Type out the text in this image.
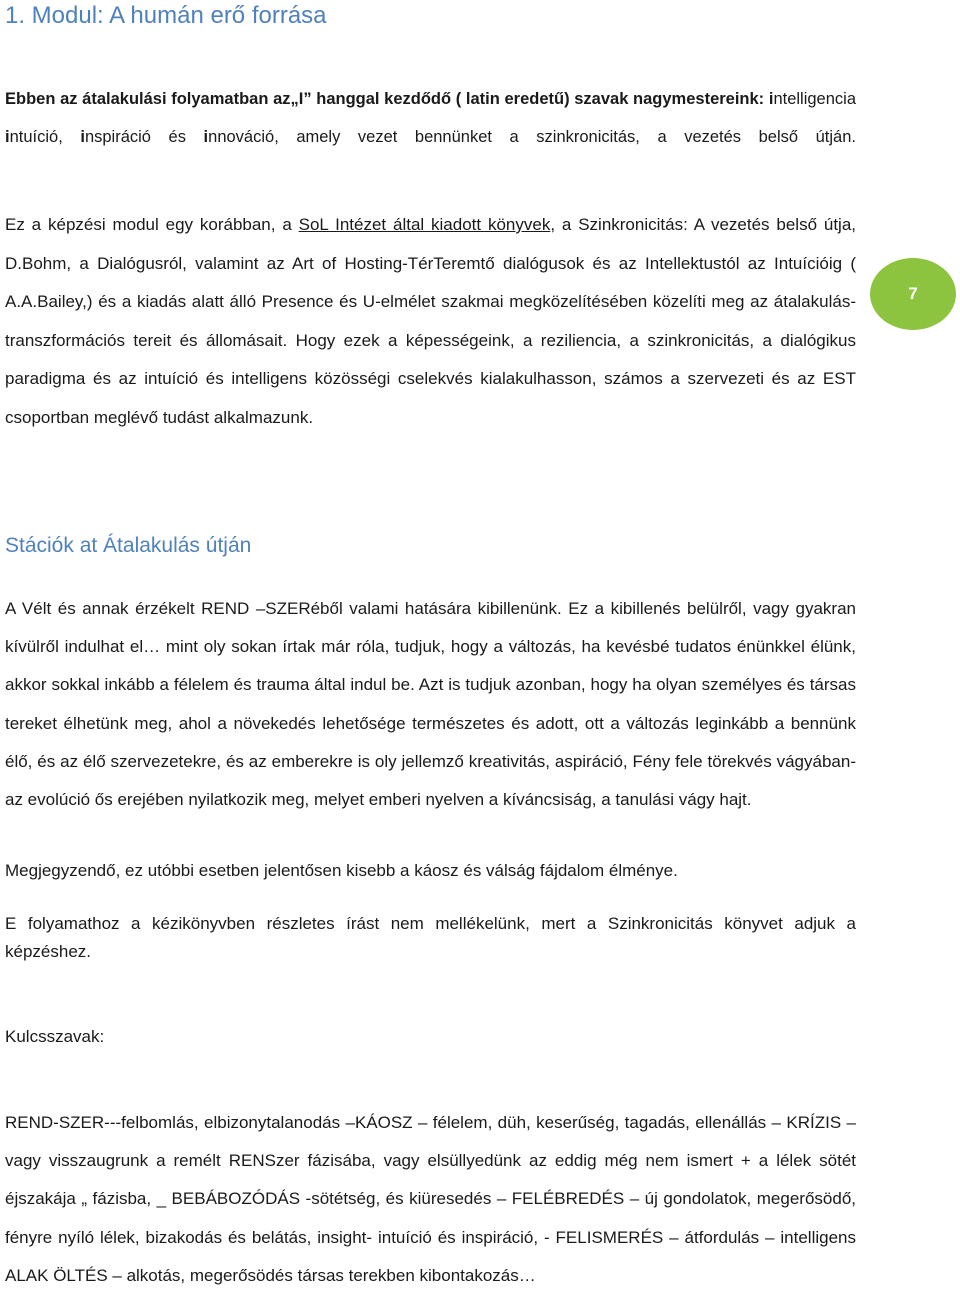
1. Modul: A humán erő forrása

Ebben az átalakulási folyamatban az„I” hanggal kezdődő ( latin eredetű) szavak nagymestereink: intelligencia intuíció, inspiráció és innováció, amely vezet bennünket a szinkronicitás, a vezetés belső útján.

Ez a képzési modul egy korábban, a SoL Intézet által kiadott könyvek, a Szinkronicitás: A vezetés belső útja, D.Bohm, a Dialógusról, valamint az Art of Hosting-TérTeremtő dialógusok és az Intellektustól az Intuícióig ( A.A.Bailey,) és a kiadás alatt álló Presence és U-elmélet szakmai megközelítésében közelíti meg az átalakulás-transzformációs tereit és állomásait. Hogy ezek a képességeink, a reziliencia, a szinkronicitás, a dialógikus paradigma és az intuíció és intelligens közösségi cselekvés kialakulhasson, számos a szervezeti és az EST csoportban meglévő tudást alkalmazunk.

7
Stációk at Átalakulás útján

A Vélt és annak érzékelt REND –SZERéből valami hatására kibillenünk. Ez a kibillenés belülről, vagy gyakran kívülről indulhat el… mint oly sokan írtak már róla, tudjuk, hogy a változás, ha kevésbé tudatos énünkkel élünk, akkor sokkal inkább a félelem és trauma által indul be. Azt is tudjuk azonban, hogy ha olyan személyes és társas tereket élhetünk meg, ahol a növekedés lehetősége természetes és adott, ott a változás leginkább a bennünk élő, és az élő szervezetekre, és az emberekre is oly jellemző kreativitás, aspiráció, Fény fele törekvés vágyában- az evolúció ős erejében nyilatkozik meg, melyet emberi nyelven a kíváncsiság, a tanulási vágy hajt.

Megjegyzendő, ez utóbbi esetben jelentősen kisebb a káosz és válság fájdalom élménye.

E folyamathoz a kézikönyvben részletes írást nem mellékelünk, mert a Szinkronicitás könyvet adjuk a képzéshez.

Kulcsszavak:

REND-SZER---felbomlás, elbizonytalanodás –KÁOSZ – félelem, düh, keserűség, tagadás, ellenállás – KRÍZIS – vagy visszaugrunk a remélt RENSzer fázisába, vagy elsüllyedünk az eddig még nem ismert + a lélek sötét éjszakája „ fázisba, _ BEBÁBOZÓDÁS -sötétség, és kiüresedés – FELÉBREDÉS – új gondolatok, megerősödő, fényre nyíló lélek, bizakodás és belátás, insight- intuíció és inspiráció, - FELISMERÉS – átfordulás – intelligens ALAK ÖLTÉS – alkotás, megerősödés társas terekben kibontakozás…
